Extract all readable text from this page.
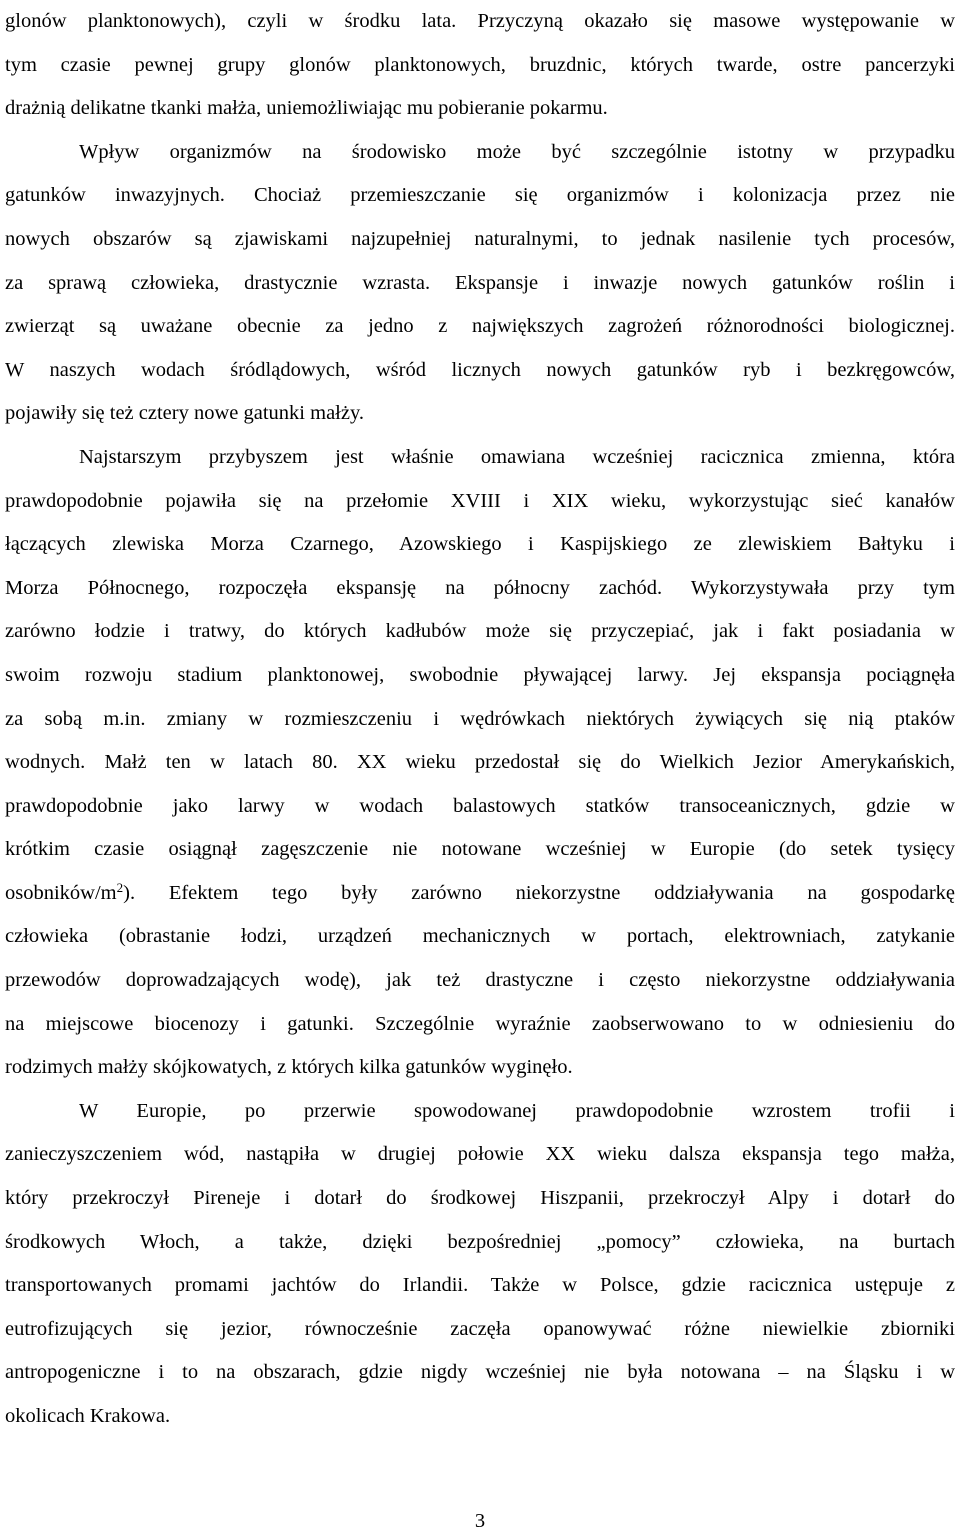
glonów planktonowych), czyli w środku lata. Przyczyną okazało się masowe występowanie w
tym czasie pewnej grupy glonów planktonowych, bruzdnic, których twarde, ostre pancerzyki
drażnią delikatne tkanki małża, uniemożliwiając mu pobieranie pokarmu.
Wpływ organizmów na środowisko może być szczególnie istotny w przypadku
gatunków inwazyjnych. Chociaż przemieszczanie się organizmów i kolonizacja przez nie
nowych obszarów są zjawiskami najzupełniej naturalnymi, to jednak nasilenie tych procesów,
za sprawą człowieka, drastycznie wzrasta. Ekspansje i inwazje nowych gatunków roślin i
zwierząt są uważane obecnie za jedno z największych zagrożeń różnorodności biologicznej.
W naszych wodach śródlądowych, wśród licznych nowych gatunków ryb i bezkręgowców,
pojawiły się też cztery nowe gatunki małży.
Najstarszym przybyszem jest właśnie omawiana wcześniej racicznica zmienna, która
prawdopodobnie pojawiła się na przełomie XVIII i XIX wieku, wykorzystując sieć kanałów
łączących zlewiska Morza Czarnego, Azowskiego i Kaspijskiego ze zlewiskiem Bałtyku i
Morza Północnego, rozpoczęła ekspansję na północny zachód. Wykorzystywała przy tym
zarówno łodzie i tratwy, do których kadłubów może się przyczepiać, jak i fakt posiadania w
swoim rozwoju stadium planktonowej, swobodnie pływającej larwy. Jej ekspansja pociągnęła
za sobą m.in. zmiany w rozmieszczeniu i wędrówkach niektórych żywiących się nią ptaków
wodnych. Małż ten w latach 80. XX wieku przedostał się do Wielkich Jezior Amerykańskich,
prawdopodobnie jako larwy w wodach balastowych statków transoceanicznych, gdzie w
krótkim czasie osiągnął zagęszczenie nie notowane wcześniej w Europie (do setek tysięcy
osobników/$m^2$). Efektem tego były zarówno niekorzystne oddziaływania na gospodarkę
człowieka (obrastanie łodzi, urządzeń mechanicznych w portach, elektrowniach, zatykanie
przewodów doprowadzających wodę), jak też drastyczne i często niekorzystne oddziaływania
na miejscowe biocenozy i gatunki. Szczególnie wyraźnie zaobserwowano to w odniesieniu do
rodzimych małży skójkowatych, z których kilka gatunków wyginęło.
W Europie, po przerwie spowodowanej prawdopodobnie wzrostem trofii i
zanieczyszczeniem wód, nastąpiła w drugiej połowie XX wieku dalsza ekspansja tego małża,
który przekroczył Pireneje i dotarł do środkowej Hiszpanii, przekroczył Alpy i dotarł do
środkowych Włoch, a także, dzięki bezpośredniej „pomocy” człowieka, na burtach
transportowanych promami jachtów do Irlandii. Także w Polsce, gdzie racicznica ustępuje z
eutrofizujących się jezior, równocześnie zaczęła opanowywać różne niewielkie zbiorniki
antropogeniczne i to na obszarach, gdzie nigdy wcześniej nie była notowana – na Śląsku i w
okolicach Krakowa.
3
